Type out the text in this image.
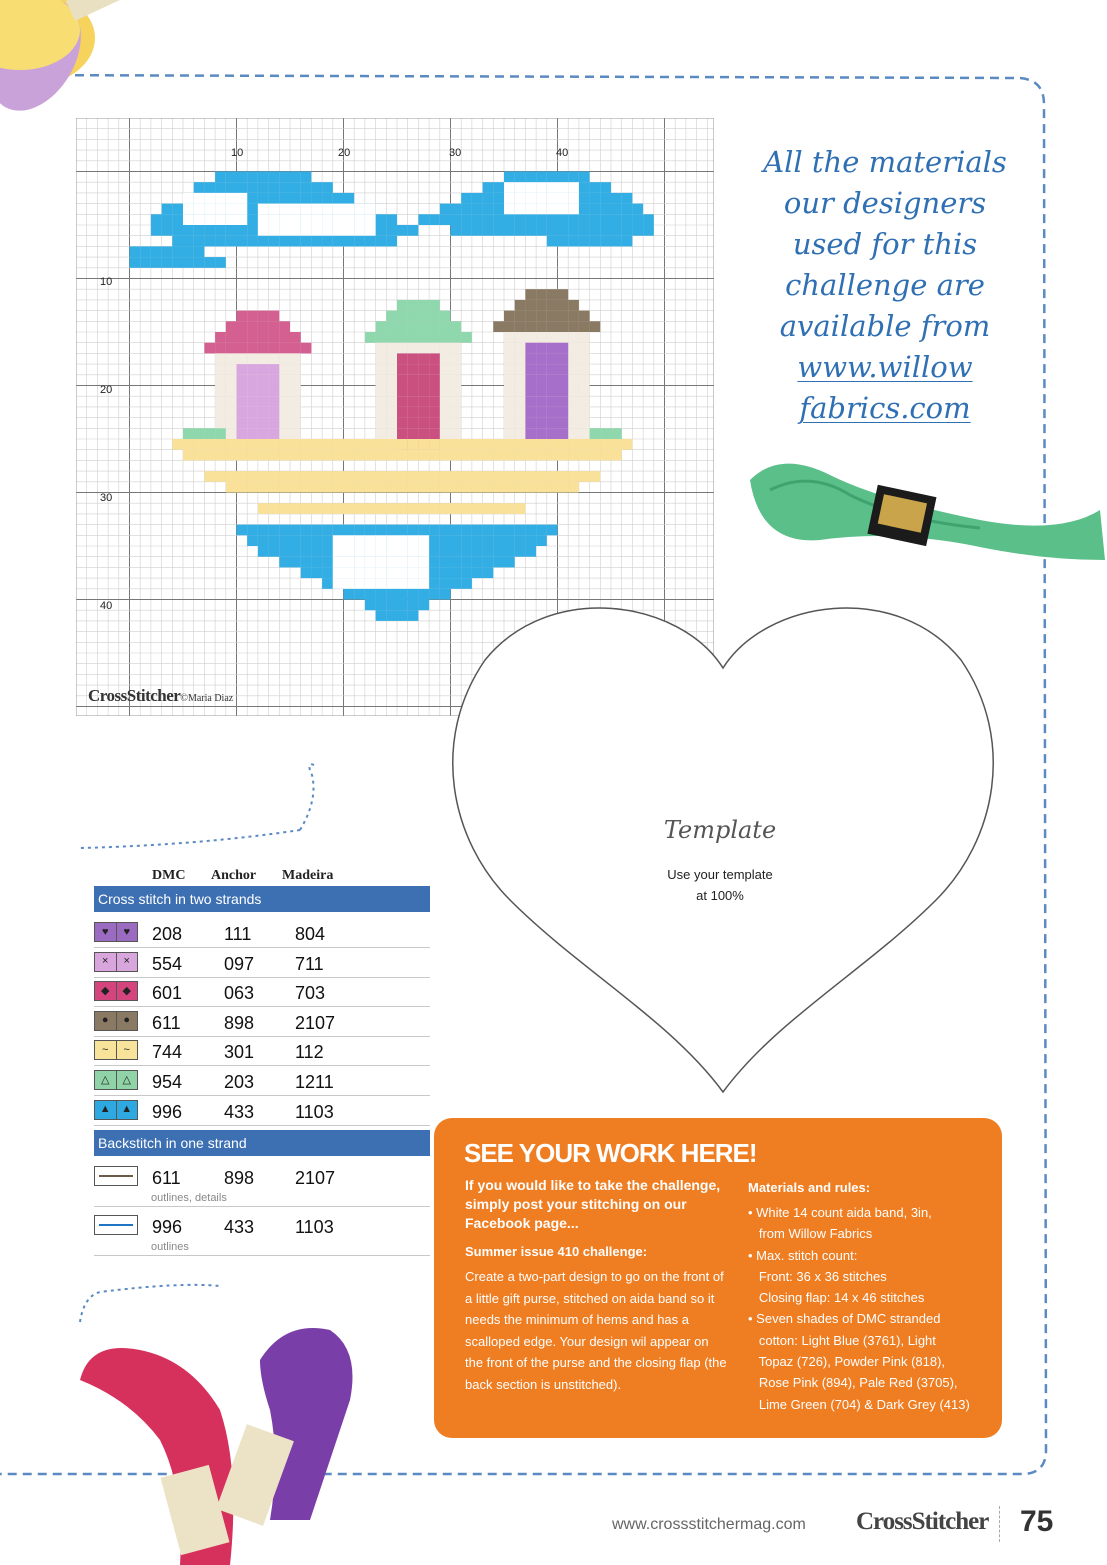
10	20	30	40
10
20
30
40
CrossStitcher©Maria Diaz
All the materials
our designers
used for this
challenge are
available from
www.willow
fabrics.com
Template
Use your template
at 100%
DMC Anchor Madeira
Cross stitch in two strands
♥	♥	208 111 804
×	×	554 097 711
◆	◆	601 063 703
●	●	611 898 2107
~	~	744 301 112
△	△	954 203 1211
▲ ▲ 996 433 1103
Backstitch in one strand
611 898 2107
outlines, details
996 433 1103
outlines
SEE YOUR WORK HERE!
If you would like to take the challenge, simply post your stitching on our Facebook page...
Summer issue 410 challenge:
Create a two-part design to go on the front of a little gift purse, stitched on aida band so it needs the minimum of hems and has a scalloped edge. Your design wil appear on the front of the purse and the closing flap (the back section is unstitched).
Materials and rules:
• White 14 count aida band, 3in,
from Willow Fabrics
• Max. stitch count:
Front: 36 x 36 stitches
Closing flap: 14 x 46 stitches
• Seven shades of DMC stranded
cotton: Light Blue (3761), Light
Topaz (726), Powder Pink (818),
Rose Pink (894), Pale Red (3705),
Lime Green (704) & Dark Grey (413)
www.crossstitchermag.com CrossStitcher 75
